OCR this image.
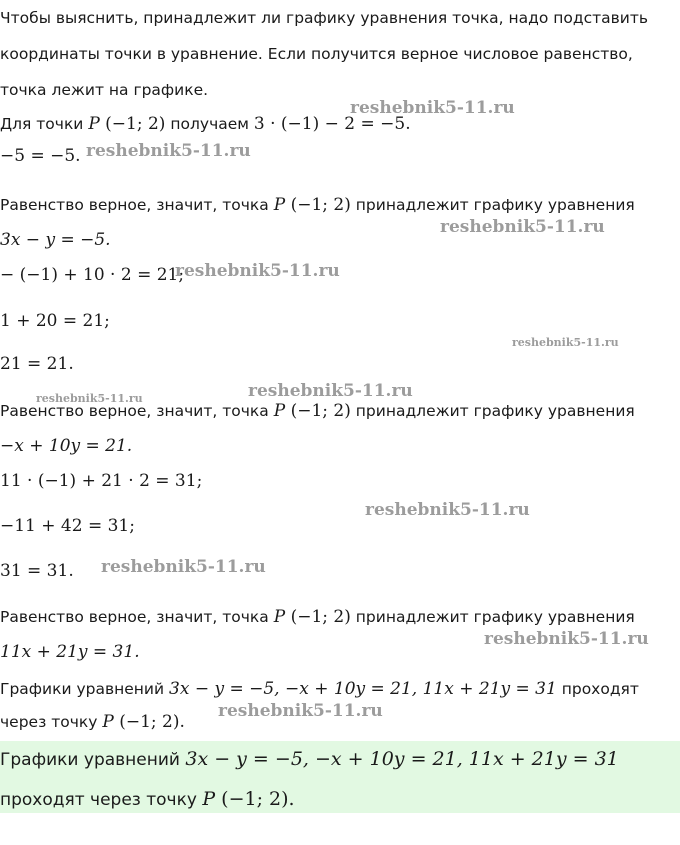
Чтобы выяснить, принадлежит ли графику уравнения точка, надо подставить
координаты точки в уравнение. Если получится верное числовое равенство,
точка лежит на графике.
Для точки P (−1; 2) получаем 3 · (−1) − 2 = −5.
−5 = −5.
Равенство верное, значит, точка P (−1; 2) принадлежит графику уравнения
3x − y = −5.
− (−1) + 10 · 2 = 21;
1 + 20 = 21;
21 = 21.
Равенство верное, значит, точка P (−1; 2) принадлежит графику уравнения
−x + 10y = 21.
11 · (−1) + 21 · 2 = 31;
−11 + 42 = 31;
31 = 31.
Равенство верное, значит, точка P (−1; 2) принадлежит графику уравнения
11x + 21y = 31.
Графики уравнений 3x − y = −5, −x + 10y = 21, 11x + 21y = 31 проходят
через точку P (−1; 2).
Графики уравнений 3x − y = −5, −x + 10y = 21, 11x + 21y = 31
проходят через точку P (−1; 2).
reshebnik5-11.ru
reshebnik5-11.ru
reshebnik5-11.ru
reshebnik5-11.ru
reshebnik5-11.ru
reshebnik5-11.ru	reshebnik5-11.ru
reshebnik5-11.ru
reshebnik5-11.ru
reshebnik5-11.ru
reshebnik5-11.ru
